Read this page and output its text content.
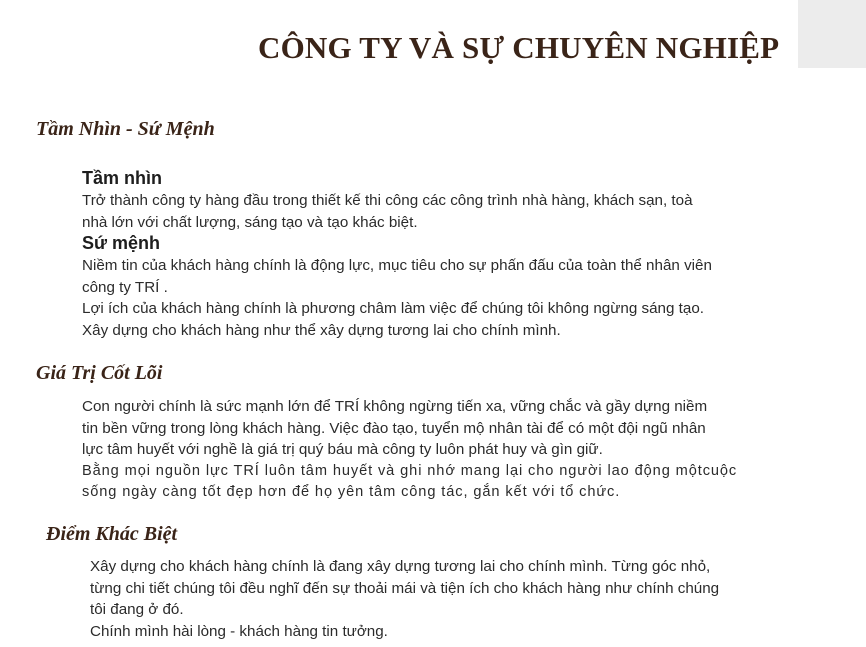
CÔNG TY VÀ SỰ CHUYÊN NGHIỆP
Tầm Nhìn - Sứ Mệnh
Tầm nhìn
Trở thành công ty hàng đầu trong thiết kế thi công các công trình nhà hàng, khách sạn, toà
nhà lớn với chất lượng, sáng tạo và tạo khác biệt.
Sứ mệnh
Niềm tin của khách hàng chính là động lực, mục tiêu cho sự phấn đấu của toàn thể nhân viên
công ty TRÍ .
Lợi ích của khách hàng chính là phương châm làm việc để chúng tôi không ngừng sáng tạo.
Xây dựng cho khách hàng như thể xây dựng tương lai cho chính mình.
Giá Trị Cốt Lõi
Con người chính là sức mạnh lớn để TRÍ không ngừng tiến xa, vững chắc và gầy dựng niềm
tin bền vững trong lòng khách hàng. Việc đào tạo, tuyển mộ nhân tài để có một đội ngũ nhân
lực tâm huyết với nghề là giá trị quý báu mà công ty luôn phát huy và gìn giữ.
Bằng mọi nguồn lực TRÍ luôn tâm huyết và ghi nhớ mang lại cho người lao động mộtcuộc
sống ngày càng tốt đẹp hơn để họ yên tâm công tác, gắn kết với tổ chức.
Điểm Khác Biệt
Xây dựng cho khách hàng chính là đang xây dựng tương lai cho chính mình. Từng góc nhỏ,
từng chi tiết chúng tôi đều nghĩ đến sự thoải mái và tiện ích cho khách hàng như chính chúng
tôi đang ở đó.
Chính mình hài lòng - khách hàng tin tưởng.
